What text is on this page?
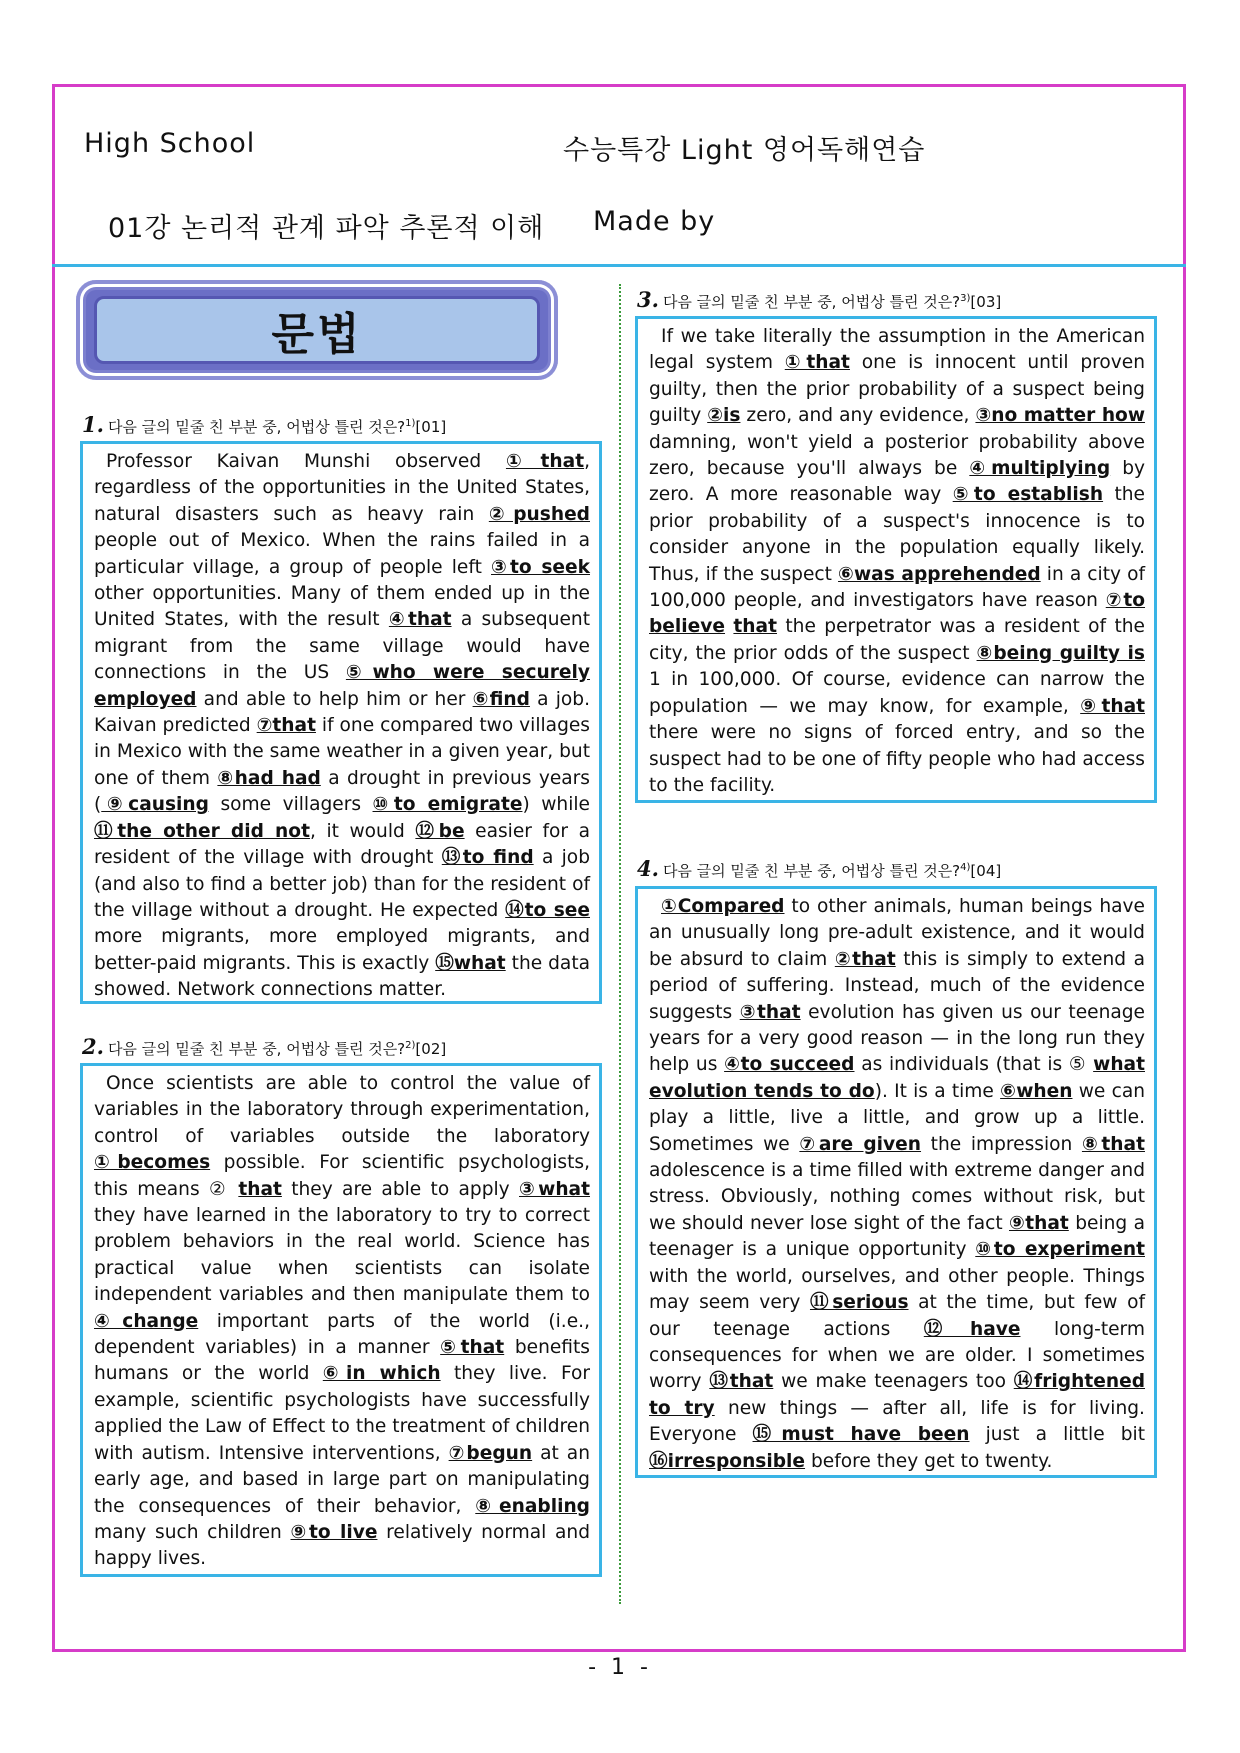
High School	수능특강 Light 영어독해연습
01강 논리적 관계 파악 추론적 이해 Made by
문법
1. 다음 글의 밑줄 친 부분 중, 어법상 틀린 것은?$^{1)}$[01]

Professor Kaivan Munshi observed ①that, regardless of the opportunities in the United States, natural disasters such as heavy rain ②pushed people out of Mexico. When the rains failed in a particular village, a group of people left ③to seek other opportunities. Many of them ended up in the United States, with the result ④that a subsequent migrant from the same village would have connections in the US ⑤who were securely employed and able to help him or her ⑥find a job. Kaivan predicted ⑦that if one compared two villages in Mexico with the same weather in a given year, but one of them ⑧had had a drought in previous years (⑨causing some villagers ⑩to emigrate) while ⑪the other did not, it would ⑫be easier for a resident of the village with drought ⑬to find a job (and also to find a better job) than for the resident of the village without a drought. He expected ⑭to see more migrants, more employed migrants, and better-paid migrants. This is exactly ⑮what the data showed. Network connections matter.

2. 다음 글의 밑줄 친 부분 중, 어법상 틀린 것은?$^{2)}$[02]

Once scientists are able to control the value of variables in the laboratory through experimentation, control of variables outside the laboratory ①becomes possible. For scientific psychologists, this means ② that they are able to apply ③what they have learned in the laboratory to try to correct problem behaviors in the real world. Science has practical value when scientists can isolate independent variables and then manipulate them to ④change important parts of the world (i.e., dependent variables) in a manner ⑤that benefits humans or the world ⑥in which they live. For example, scientific psychologists have successfully applied the Law of Effect to the treatment of children with autism. Intensive interventions, ⑦begun at an early age, and based in large part on manipulating the consequences of their behavior, ⑧enabling many such children ⑨to live relatively normal and happy lives.

3. 다음 글의 밑줄 친 부분 중, 어법상 틀린 것은?$^{3)}$[03]

If we take literally the assumption in the American legal system ①that one is innocent until proven guilty, then the prior probability of a suspect being guilty ②is zero, and any evidence, ③no matter how damning, won't yield a posterior probability above zero, because you'll always be ④multiplying by zero. A more reasonable way ⑤to establish the prior probability of a suspect's innocence is to consider anyone in the population equally likely. Thus, if the suspect ⑥was apprehended in a city of 100,000 people, and investigators have reason ⑦to believe that the perpetrator was a resident of the city, the prior odds of the suspect ⑧being guilty is 1 in 100,000. Of course, evidence can narrow the population — we may know, for example, ⑨that there were no signs of forced entry, and so the suspect had to be one of fifty people who had access to the facility.

4. 다음 글의 밑줄 친 부분 중, 어법상 틀린 것은?$^{4)}$[04]

①Compared to other animals, human beings have an unusually long pre-adult existence, and it would be absurd to claim ②that this is simply to extend a period of suffering. Instead, much of the evidence suggests ③that evolution has given us our teenage years for a very good reason — in the long run they help us ④to succeed as individuals (that is ⑤ what evolution tends to do). It is a time ⑥when we can play a little, live a little, and grow up a little. Sometimes we ⑦are given the impression ⑧that adolescence is a time filled with extreme danger and stress. Obviously, nothing comes without risk, but we should never lose sight of the fact ⑨that being a teenager is a unique opportunity ⑩to experiment with the world, ourselves, and other people. Things may seem very ⑪serious at the time, but few of our teenage actions ⑫have long-term consequences for when we are older. I sometimes worry ⑬that we make teenagers too ⑭frightened to try new things — after all, life is for living. Everyone ⑮must have been just a little bit ⑯irresponsible before they get to twenty.

- 1 -
